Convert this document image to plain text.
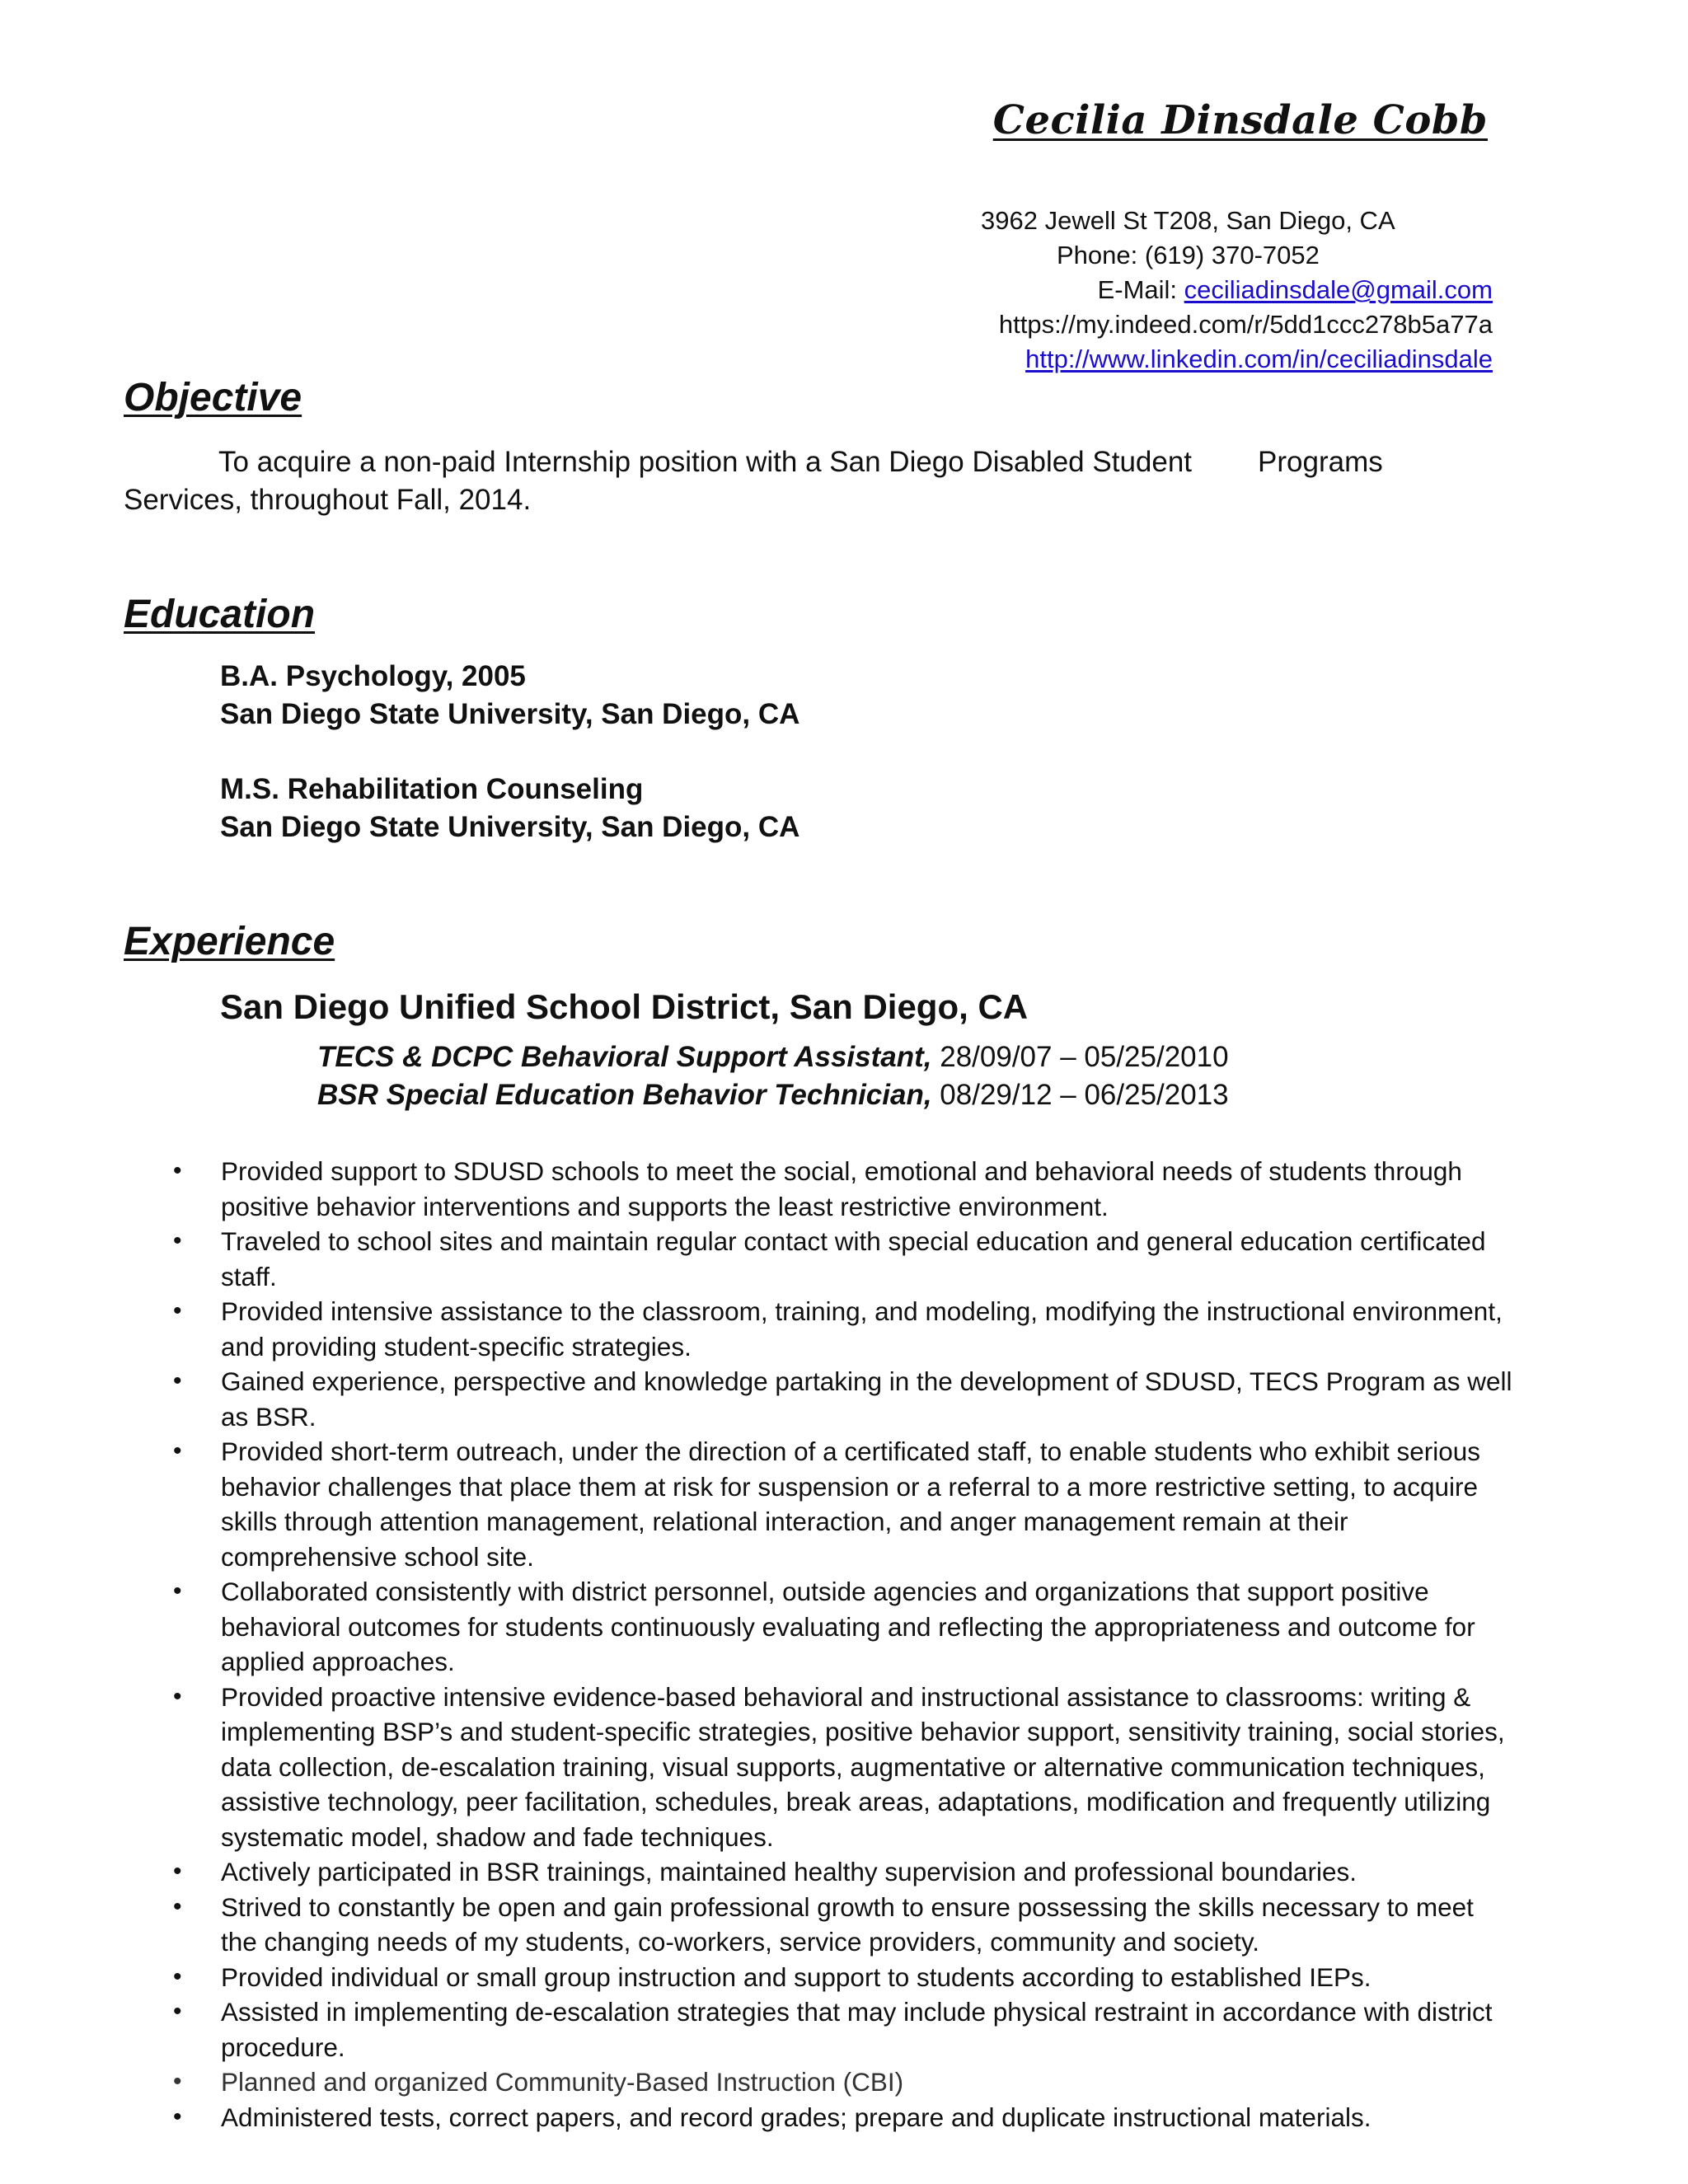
Cecilia Dinsdale Cobb
3962 Jewell St T208, San Diego, CA
Phone: (619) 370-7052
E-Mail: ceciliadinsdale@gmail.com
https://my.indeed.com/r/5dd1ccc278b5a77a
http://www.linkedin.com/in/ceciliadinsdale
Objective
To acquire a non-paid Internship position with a San Diego Disabled Student Programs Services, throughout Fall, 2014.
Education
B.A. Psychology, 2005
San Diego State University, San Diego, CA
M.S. Rehabilitation Counseling
San Diego State University, San Diego, CA
Experience
San Diego Unified School District, San Diego, CA
TECS & DCPC Behavioral Support Assistant, 28/09/07 – 05/25/2010
BSR Special Education Behavior Technician, 08/29/12 – 06/25/2013
• Provided support to SDUSD schools to meet the social, emotional and behavioral needs of students through positive behavior interventions and supports the least restrictive environment.
• Traveled to school sites and maintain regular contact with special education and general education certificated staff.
• Provided intensive assistance to the classroom, training, and modeling, modifying the instructional environment, and providing student-specific strategies.
• Gained experience, perspective and knowledge partaking in the development of SDUSD, TECS Program as well as BSR.
• Provided short-term outreach, under the direction of a certificated staff, to enable students who exhibit serious behavior challenges that place them at risk for suspension or a referral to a more restrictive setting, to acquire skills through attention management, relational interaction, and anger management remain at their comprehensive school site.
• Collaborated consistently with district personnel, outside agencies and organizations that support positive behavioral outcomes for students continuously evaluating and reflecting the appropriateness and outcome for applied approaches.
• Provided proactive intensive evidence-based behavioral and instructional assistance to classrooms: writing & implementing BSP’s and student-specific strategies, positive behavior support, sensitivity training, social stories, data collection, de-escalation training, visual supports, augmentative or alternative communication techniques, assistive technology, peer facilitation, schedules, break areas, adaptations, modification and frequently utilizing systematic model, shadow and fade techniques.
• Actively participated in BSR trainings, maintained healthy supervision and professional boundaries.
• Strived to constantly be open and gain professional growth to ensure possessing the skills necessary to meet the changing needs of my students, co-workers, service providers, community and society.
• Provided individual or small group instruction and support to students according to established IEPs.
• Assisted in implementing de-escalation strategies that may include physical restraint in accordance with district procedure.
• Planned and organized Community-Based Instruction (CBI)
• Administered tests, correct papers, and record grades; prepare and duplicate instructional materials.
